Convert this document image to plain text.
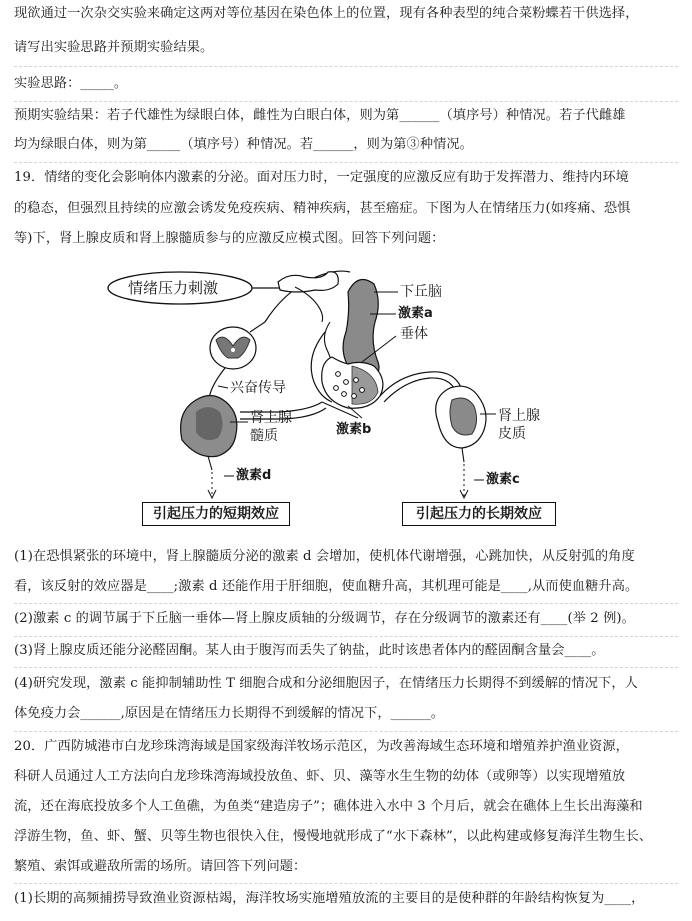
现欲通过一次杂交实验来确定这两对等位基因在染色体上的位置，现有各种表型的纯合菜粉蝶若干供选择，
请写出实验思路并预期实验结果。
实验思路：_____。
预期实验结果：若子代雄性为绿眼白体，雌性为白眼白体，则为第______（填序号）种情况。若子代雌雄
均为绿眼白体，则为第_____（填序号）种情况。若______，则为第③种情况。
19．情绪的变化会影响体内激素的分泌。面对压力时，一定强度的应激反应有助于发挥潜力、维持内环境
的稳态，但强烈且持续的应激会诱发免疫疾病、精神疾病，甚至癌症。下图为人在情绪压力(如疼痛、恐惧
等)下，肾上腺皮质和肾上腺髓质参与的应激反应模式图。回答下列问题：
情绪压力刺激	下丘脑
激素a
垂体
兴奋传导
肾上腺
髓质	激素b
肾上腺
皮质
激素d	激素c
引起压力的短期效应	引起压力的长期效应
(1)在恐惧紧张的环境中，肾上腺髓质分泌的激素 d 会增加，使机体代谢增强，心跳加快，从反射弧的角度
看，该反射的效应器是____;激素 d 还能作用于肝细胞，使血糖升高，其机理可能是____,从而使血糖升高。
(2)激素 c 的调节属于下丘脑一垂体—肾上腺皮质轴的分级调节，存在分级调节的激素还有____(举 2 例)。
(3)肾上腺皮质还能分泌醛固酮。某人由于腹泻而丢失了钠盐，此时该患者体内的醛固酮含量会____。
(4)研究发现，激素 c 能抑制辅助性 T 细胞合成和分泌细胞因子，在情绪压力长期得不到缓解的情况下，人
体免疫力会______,原因是在情绪压力长期得不到缓解的情况下，______。
20．广西防城港市白龙珍珠湾海域是国家级海洋牧场示范区，为改善海域生态环境和增殖养护渔业资源，
科研人员通过人工方法向白龙珍珠湾海域投放鱼、虾、贝、藻等水生生物的幼体（或卵等）以实现增殖放
流，还在海底投放多个人工鱼礁，为鱼类“建造房子”；礁体进入水中 3 个月后，就会在礁体上生长出海藻和
浮游生物，鱼、虾、蟹、贝等生物也很快入住，慢慢地就形成了“水下森林”，以此构建或修复海洋生物生长、
繁殖、索饵或避敌所需的场所。请回答下列问题：
(1)长期的高频捕捞导致渔业资源枯竭，海洋牧场实施增殖放流的主要目的是使种群的年龄结构恢复为____，
